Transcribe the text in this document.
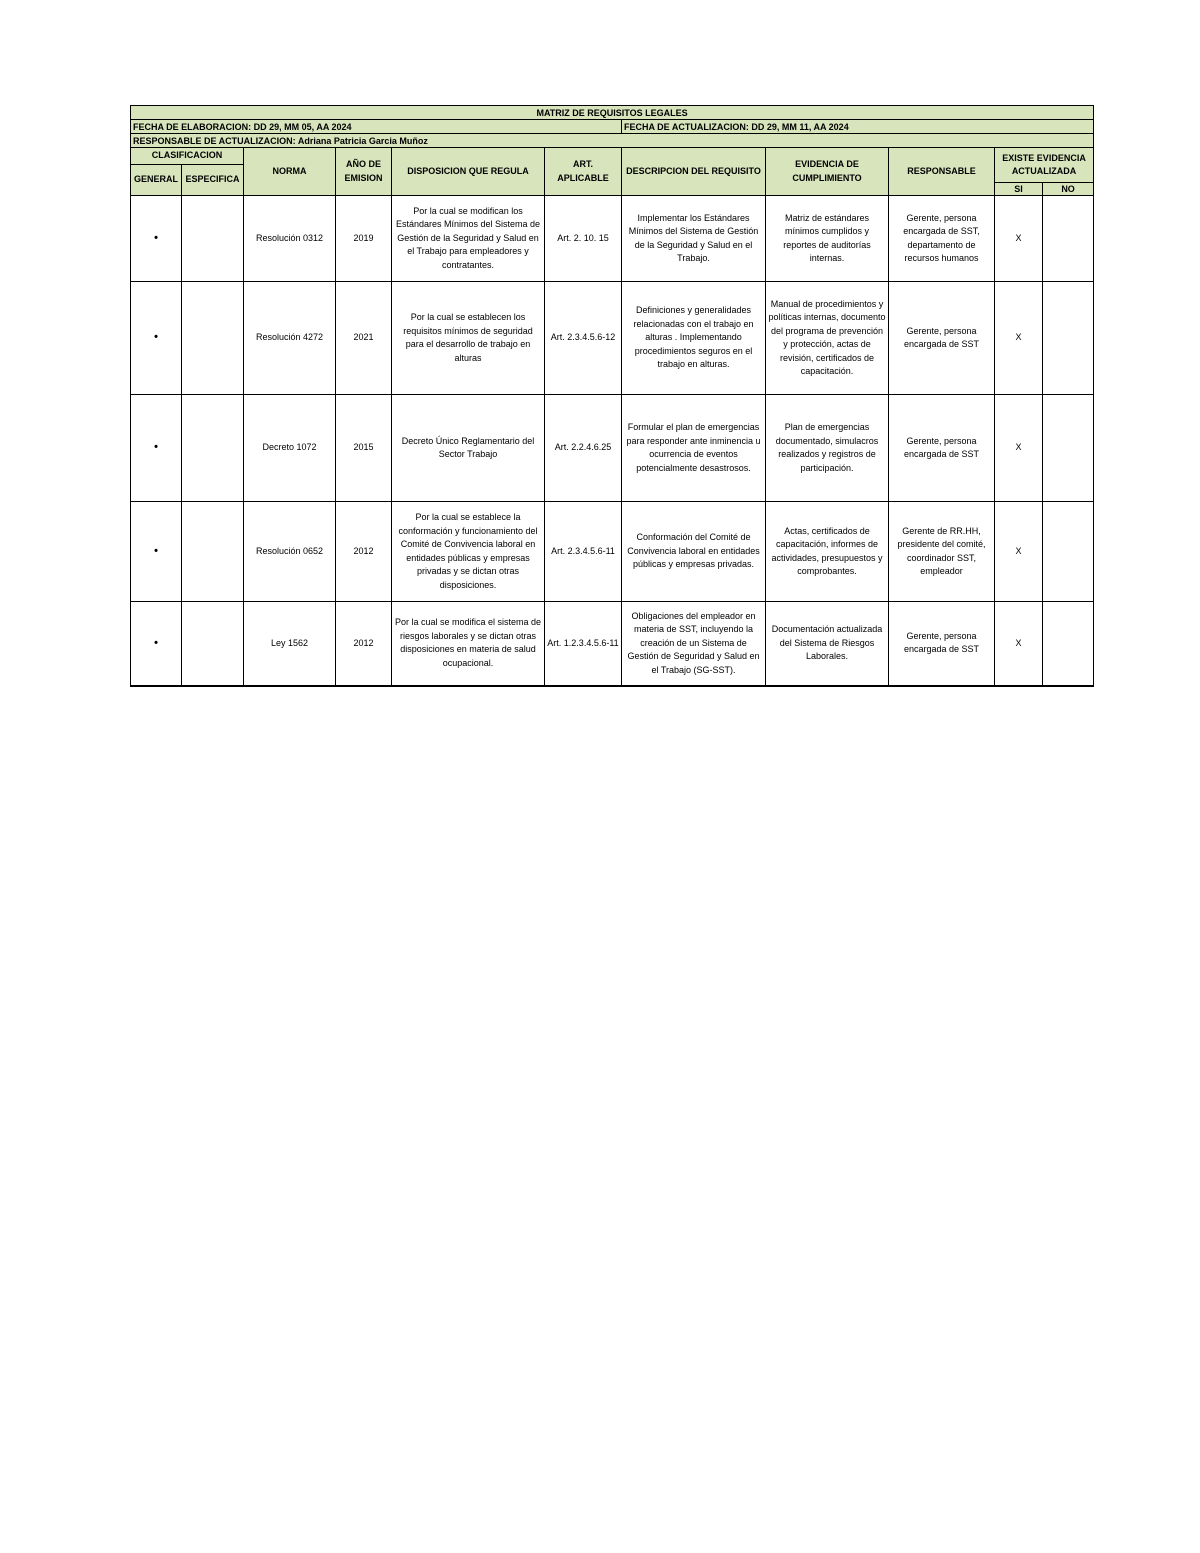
MATRIZ DE REQUISITOS LEGALES										
FECHA DE ELABORACION: DD 29, MM 05, AA 2024						FECHA DE ACTUALIZACION: DD 29, MM 11, AA 2024				
RESPONSABLE DE ACTUALIZACION: Adriana Patricia Garcia Muñoz										
CLASIFICACION		NORMA	AÑO DE EMISION	DISPOSICION QUE REGULA	ART. APLICABLE	DESCRIPCION DEL REQUISITO	EVIDENCIA DE CUMPLIMIENTO	RESPONSABLE	EXISTE EVIDENCIA ACTUALIZADA	
GENERAL	ESPECIFICA									
									SI	NO
•		Resolución 0312	2019	Por la cual se modifican los Estándares Mínimos del Sistema de Gestión de la Seguridad y Salud en el Trabajo para empleadores y contratantes.	Art. 2. 10. 15	Implementar los Estándares Mínimos del Sistema de Gestión de la Seguridad y Salud en el Trabajo.	Matriz de estándares mínimos cumplidos y reportes de auditorías internas.	Gerente, persona encargada de SST, departamento de recursos humanos	X	
•		Resolución 4272	2021	Por la cual se establecen los requisitos mínimos de seguridad para el desarrollo de trabajo en alturas	Art. 2.3.4.5.6-12	Definiciones y generalidades relacionadas con el trabajo en alturas . Implementando procedimientos seguros en el trabajo en alturas.	Manual de procedimientos y políticas internas, documento del programa de prevención y protección, actas de revisión, certificados de capacitación.	Gerente, persona encargada de SST	X	
•		Decreto 1072	2015	Decreto Único Reglamentario del Sector Trabajo	Art. 2.2.4.6.25	Formular el plan de emergencias para responder ante inminencia u ocurrencia de eventos potencialmente desastrosos.	Plan de emergencias documentado, simulacros realizados y registros de participación.	Gerente, persona encargada de SST	X	
•		Resolución 0652	2012	Por la cual se establece la conformación y funcionamiento del Comité de Convivencia laboral en entidades públicas y empresas privadas y se dictan otras disposiciones.	Art. 2.3.4.5.6-11	Conformación del Comité de Convivencia laboral en entidades públicas y empresas privadas.	Actas, certificados de capacitación, informes de actividades, presupuestos y comprobantes.	Gerente de RR.HH, presidente del comité, coordinador SST, empleador	X	
•		Ley 1562	2012	Por la cual se modifica el sistema de riesgos laborales y se dictan otras disposiciones en materia de salud ocupacional.	Art. 1.2.3.4.5.6-11	Obligaciones del empleador en materia de SST, incluyendo la creación de un Sistema de Gestión de Seguridad y Salud en el Trabajo (SG-SST).	Documentación actualizada del Sistema de Riesgos Laborales.	Gerente, persona encargada de SST	X	
